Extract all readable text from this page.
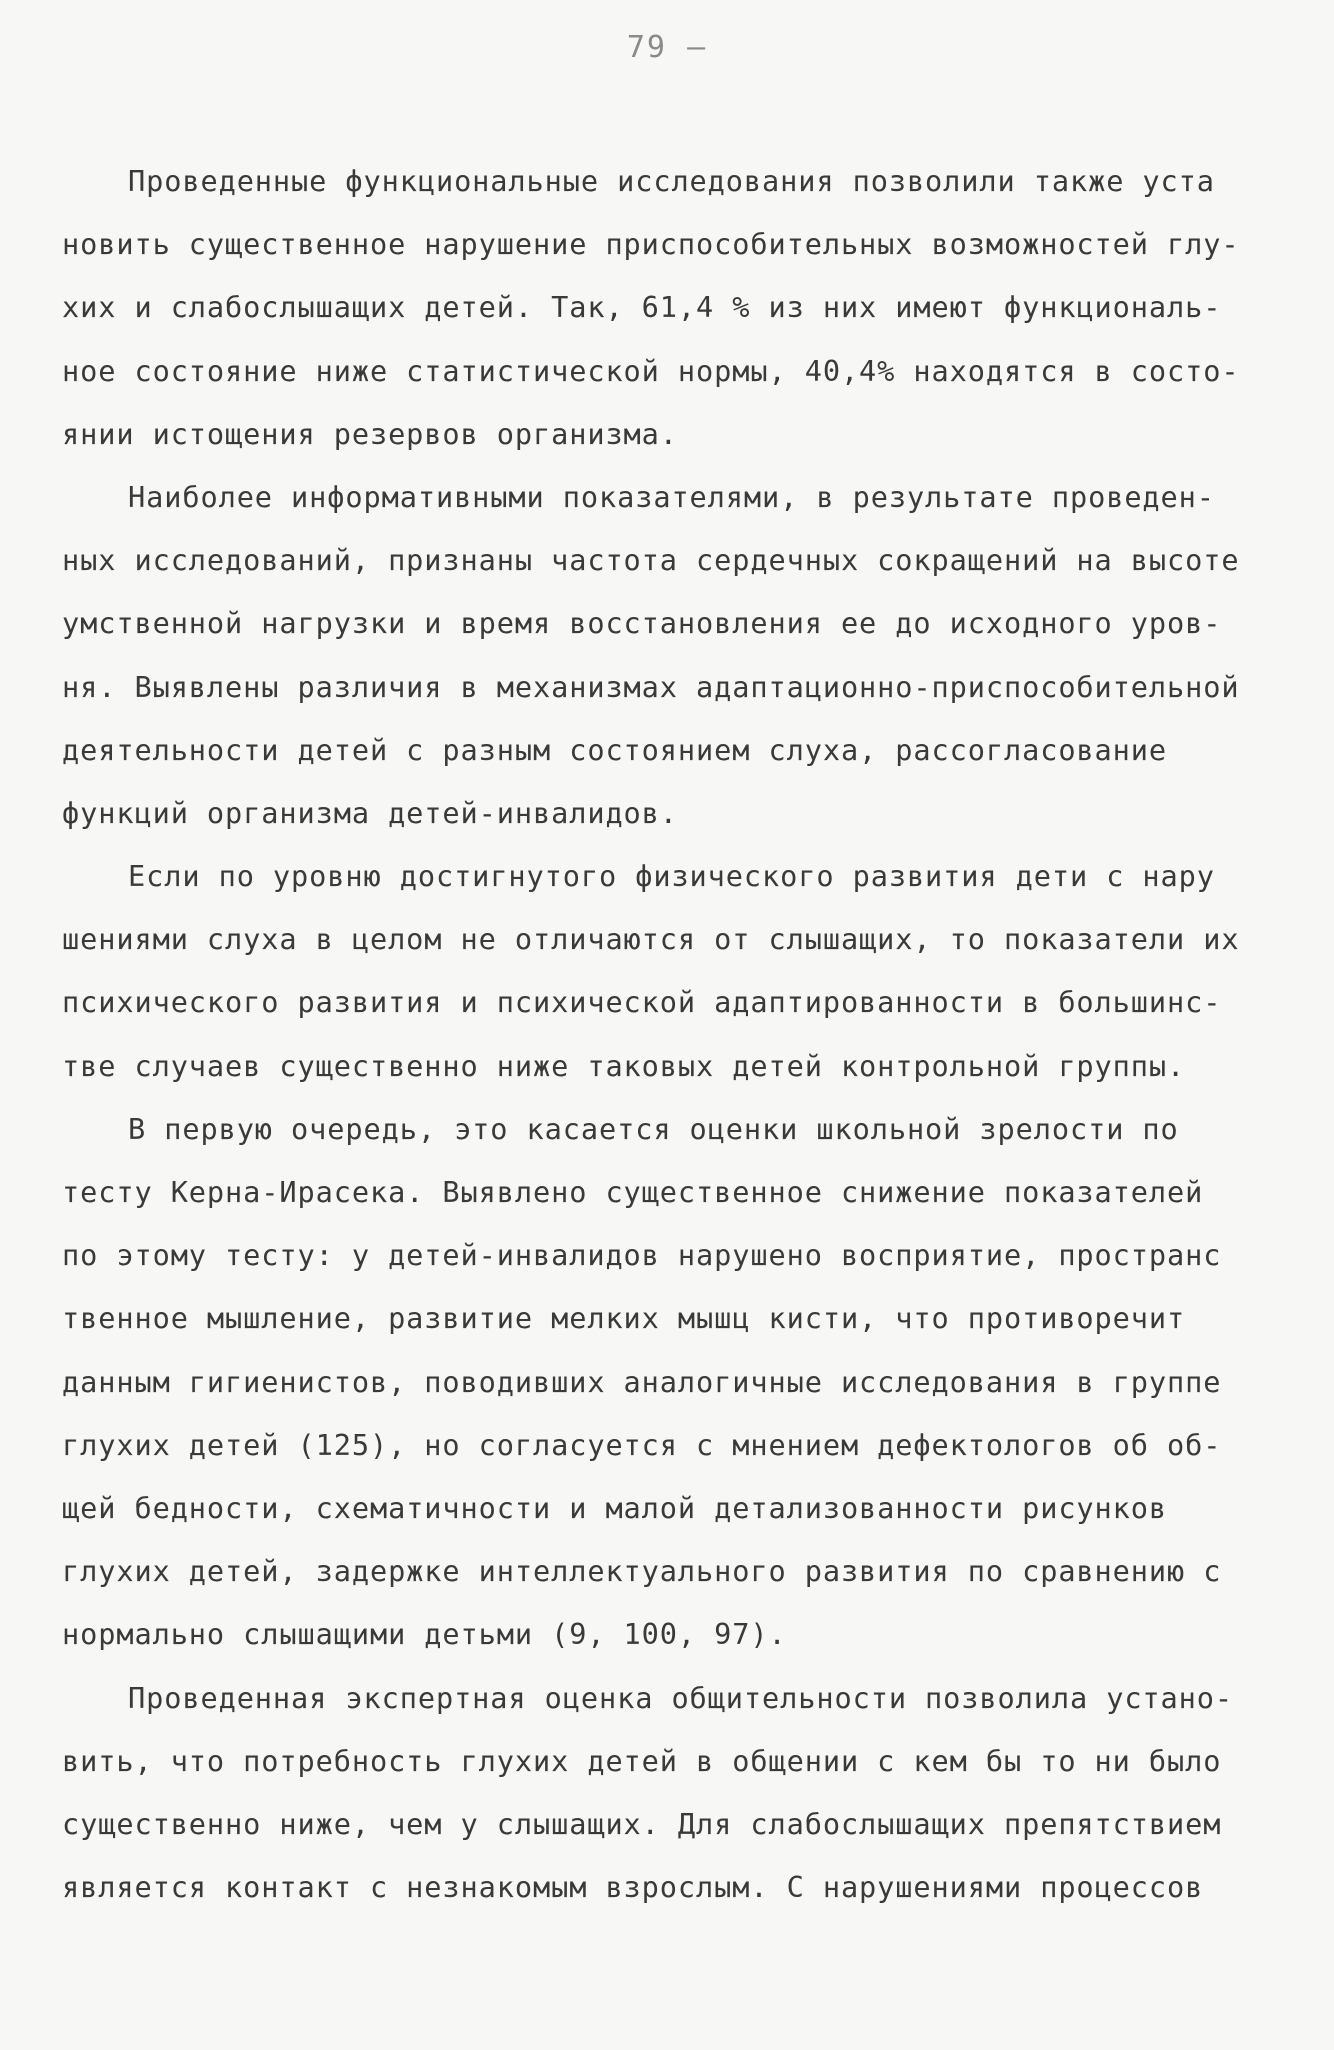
79 –
Проведенные функциональные исследования позволили также уста
новить существенное нарушение приспособительных возможностей глу-
хих и слабослышащих детей. Так, 61,4 % из них имеют функциональ-
ное состояние ниже статистической нормы, 40,4% находятся в состо-
янии истощения резервов организма.
Наиболее информативными показателями, в результате проведен-
ных исследований, признаны частота сердечных сокращений на высоте
умственной нагрузки и время восстановления ее до исходного уров-
ня. Выявлены различия в механизмах адаптационно-приспособительной
деятельности детей с разным состоянием слуха, рассогласование
функций организма детей-инвалидов.
Если по уровню достигнутого физического развития дети с нару
шениями слуха в целом не отличаются от слышащих, то показатели их
психического развития и психической адаптированности в большинс-
тве случаев существенно ниже таковых детей контрольной группы.
В первую очередь, это касается оценки школьной зрелости по
тесту Керна-Ирасека. Выявлено существенное снижение показателей
по этому тесту: у детей-инвалидов нарушено восприятие, пространс
твенное мышление, развитие мелких мышц кисти, что противоречит
данным гигиенистов, поводивших аналогичные исследования в группе
глухих детей (125), но согласуется с мнением дефектологов об об-
щей бедности, схематичности и малой детализованности рисунков
глухих детей, задержке интеллектуального развития по сравнению с
нормально слышащими детьми (9, 100, 97).
Проведенная экспертная оценка общительности позволила устано-
вить, что потребность глухих детей в общении с кем бы то ни было
существенно ниже, чем у слышащих. Для слабослышащих препятствием
является контакт с незнакомым взрослым. С нарушениями процессов
